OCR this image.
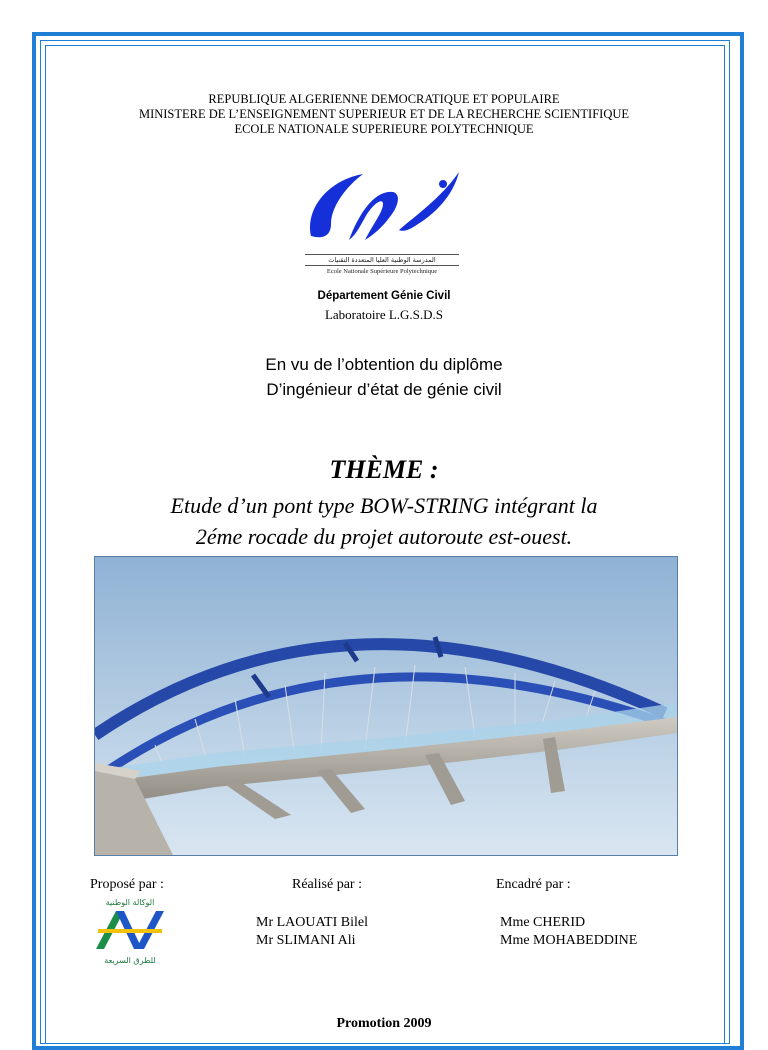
REPUBLIQUE ALGERIENNE DEMOCRATIQUE ET POPULAIRE
MINISTERE DE L’ENSEIGNEMENT SUPERIEUR ET DE LA RECHERCHE SCIENTIFIQUE
ECOLE NATIONALE SUPERIEURE POLYTECHNIQUE
المدرسة الوطنية العليا المتعددة التقنيات
Ecole Nationale Supérieure Polytechnique
Département Génie Civil
Laboratoire L.G.S.D.S
En vu de l’obtention du diplôme
D’ingénieur d’état de génie civil
THÈME :
Etude d’un pont type BOW-STRING intégrant la
2éme rocade du projet autoroute est-ouest.
Proposé par :	Réalisé par :	Encadré par :
الوكالة الوطنية
للطرق السريعة
Mr LAOUATI Bilel
Mr SLIMANI Ali
Mme CHERID
Mme MOHABEDDINE
Promotion 2009
